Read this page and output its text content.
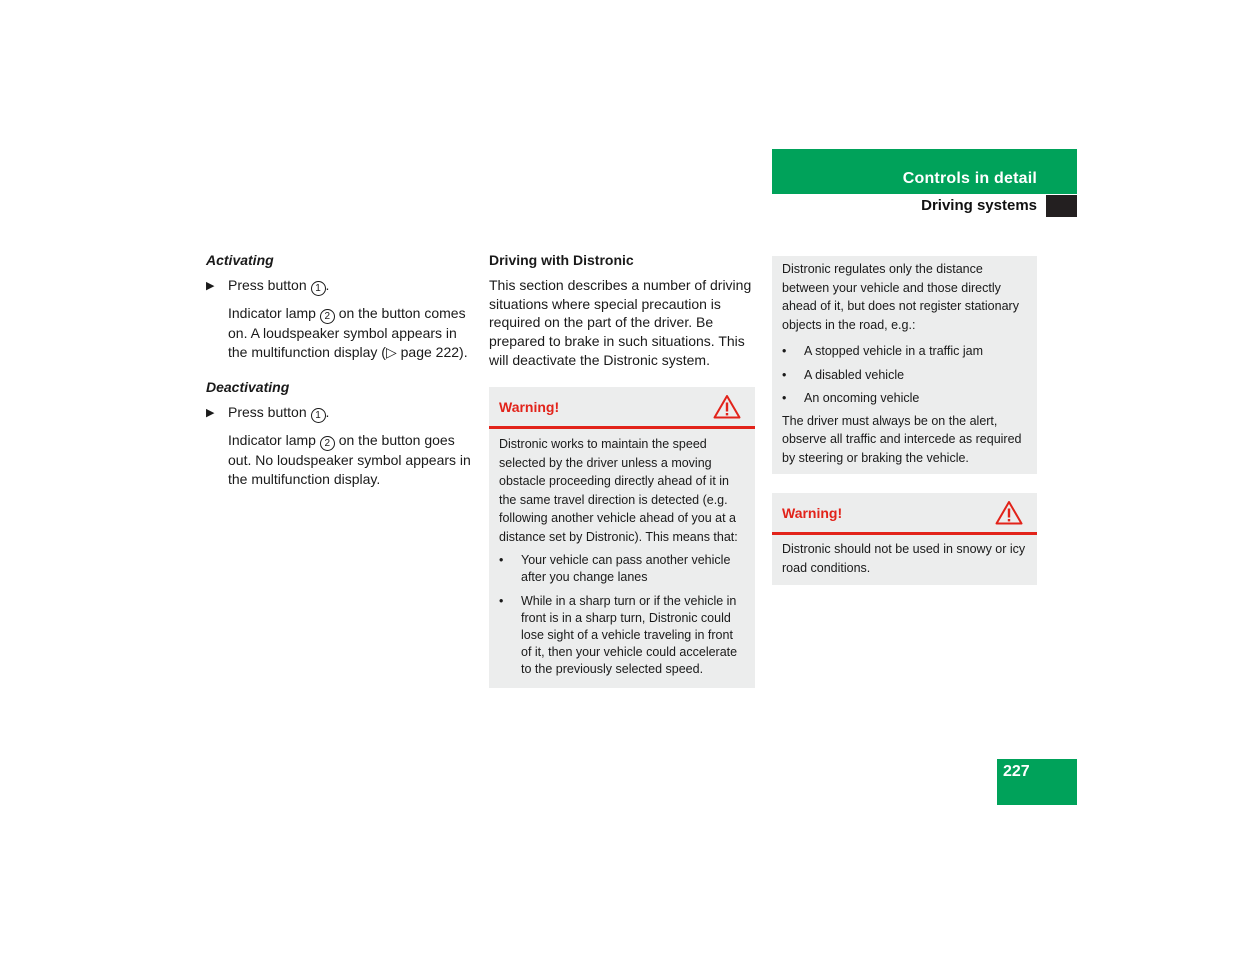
Controls in detail
Driving systems
Activating
▶ Press button 1 .
Indicator lamp 2 on the button comes on. A loudspeaker symbol appears in the multifunction display (▷ page 222).
Deactivating
▶ Press button 1 .
Indicator lamp 2 on the button goes out. No loudspeaker symbol appears in the multifunction display.
Driving with Distronic
This section describes a number of driving situations where special precaution is required on the part of the driver. Be prepared to brake in such situations. This will deactivate the Distronic system.
Warning!
Distronic works to maintain the speed selected by the driver unless a moving obstacle proceeding directly ahead of it in the same travel direction is detected (e.g. following another vehicle ahead of you at a distance set by Distronic). This means that:
•	Your vehicle can pass another vehicle after you change lanes
•	While in a sharp turn or if the vehicle in front is in a sharp turn, Distronic could lose sight of a vehicle traveling in front of it, then your vehicle could accelerate to the previously selected speed.
Distronic regulates only the distance between your vehicle and those directly ahead of it, but does not register stationary objects in the road, e.g.:
•	A stopped vehicle in a traffic jam
•	A disabled vehicle
•	An oncoming vehicle
The driver must always be on the alert, observe all traffic and intercede as required by steering or braking the vehicle.
Warning!
Distronic should not be used in snowy or icy road conditions.
227
